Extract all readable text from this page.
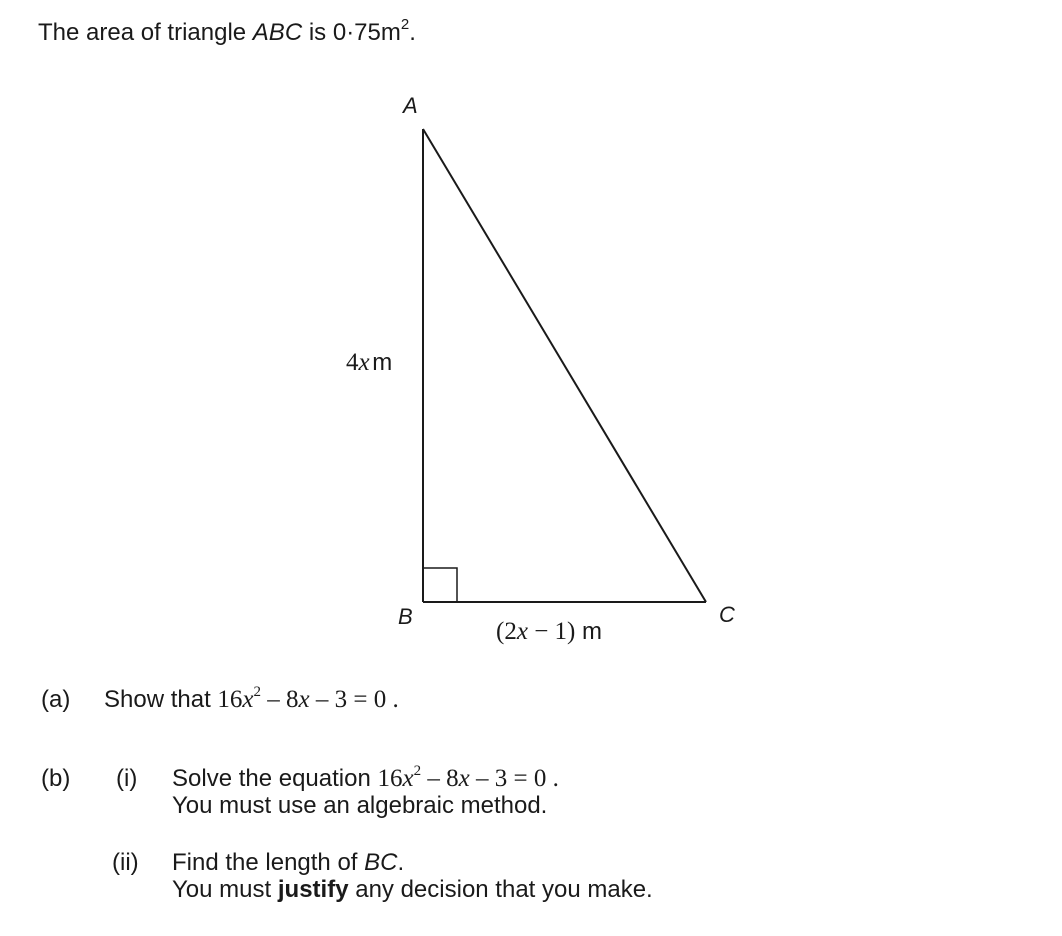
The area of triangle ABC is $0\cdot 75m^2$.
A
B	C
4x m
(2x − 1) m
(a) Show that $16x^2 - 8x - 3 = 0$ .
(b) (i) Solve the equation $16x^2 - 8x - 3 = 0$ .
You must use an algebraic method.
(ii) Find the length of BC.
You must justify any decision that you make.
